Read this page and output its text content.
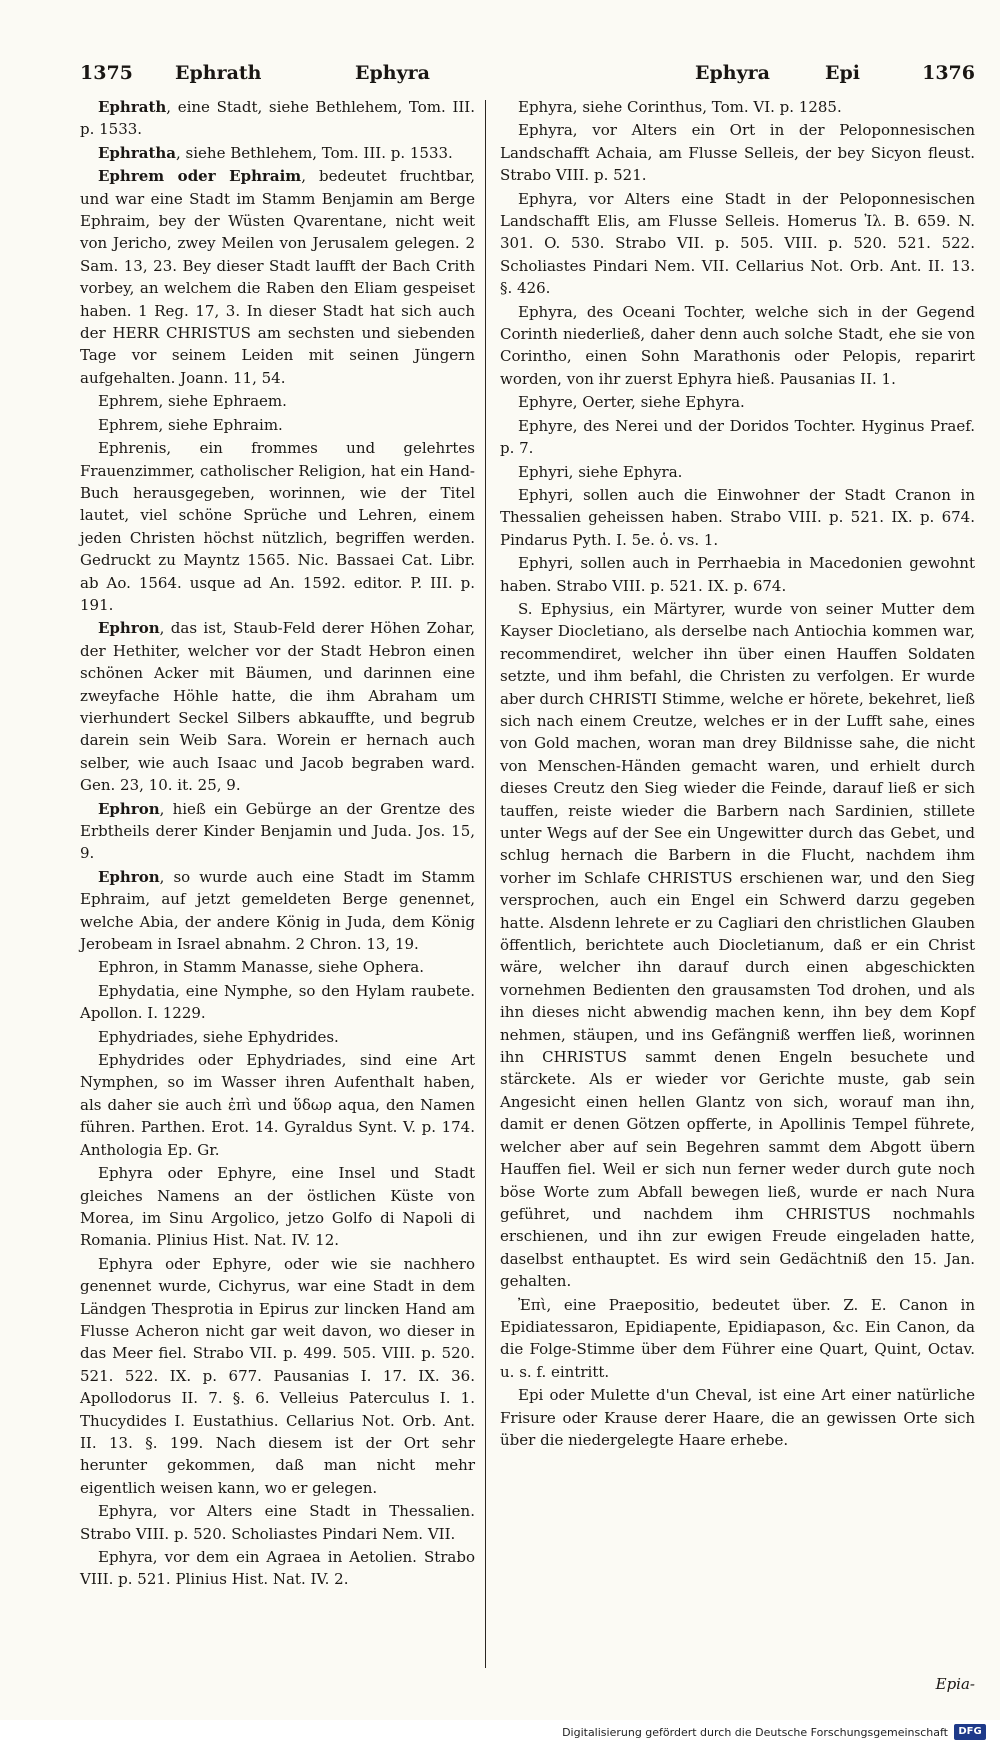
1375 Ephrath	Ephyra	Ephyra	Epi	1376

Ephrath, eine Stadt, siehe Bethlehem, Tom. III. p. 1533.

Ephratha, siehe Bethlehem, Tom. III. p. 1533.

Ephrem oder Ephraim, bedeutet fruchtbar, und war eine Stadt im Stamm Benjamin am Berge Ephraim, bey der Wüsten Qvarentane, nicht weit von Jericho, zwey Meilen von Jerusalem gelegen. 2 Sam. 13, 23. Bey dieser Stadt laufft der Bach Crith vorbey, an welchem die Raben den Eliam gespeiset haben. 1 Reg. 17, 3. In dieser Stadt hat sich auch der HERR CHRISTUS am sechsten und siebenden Tage vor seinem Leiden mit seinen Jüngern aufgehalten. Joann. 11, 54.

Ephrem, siehe Ephraem.

Ephrem, siehe Ephraim.

Ephrenis, ein frommes und gelehrtes Frauenzimmer, catholischer Religion, hat ein Hand-Buch herausgegeben, worinnen, wie der Titel lautet, viel schöne Sprüche und Lehren, einem jeden Christen höchst nützlich, begriffen werden. Gedruckt zu Mayntz 1565. Nic. Bassaei Cat. Libr. ab Ao. 1564. usque ad An. 1592. editor. P. III. p. 191.

Ephron, das ist, Staub-Feld derer Höhen Zohar, der Hethiter, welcher vor der Stadt Hebron einen schönen Acker mit Bäumen, und darinnen eine zweyfache Höhle hatte, die ihm Abraham um vierhundert Seckel Silbers abkauffte, und begrub darein sein Weib Sara. Worein er hernach auch selber, wie auch Isaac und Jacob begraben ward. Gen. 23, 10. it. 25, 9.

Ephron, hieß ein Gebürge an der Grentze des Erbtheils derer Kinder Benjamin und Juda. Jos. 15, 9.

Ephron, so wurde auch eine Stadt im Stamm Ephraim, auf jetzt gemeldeten Berge genennet, welche Abia, der andere König in Juda, dem König Jerobeam in Israel abnahm. 2 Chron. 13, 19.

Ephron, in Stamm Manasse, siehe Ophera.

Ephydatia, eine Nymphe, so den Hylam raubete. Apollon. I. 1229.

Ephydriades, siehe Ephydrides.

Ephydrides oder Ephydriades, sind eine Art Nymphen, so im Wasser ihren Aufenthalt haben, als daher sie auch ἐπὶ und ὕδωρ aqua, den Namen führen. Parthen. Erot. 14. Gyraldus Synt. V. p. 174. Anthologia Ep. Gr.

Ephyra oder Ephyre, eine Insel und Stadt gleiches Namens an der östlichen Küste von Morea, im Sinu Argolico, jetzo Golfo di Napoli di Romania. Plinius Hist. Nat. IV. 12.

Ephyra oder Ephyre, oder wie sie nachhero genennet wurde, Cichyrus, war eine Stadt in dem Ländgen Thesprotia in Epirus zur lincken Hand am Flusse Acheron nicht gar weit davon, wo dieser in das Meer fiel. Strabo VII. p. 499. 505. VIII. p. 520. 521. 522. IX. p. 677. Pausanias I. 17. IX. 36. Apollodorus II. 7. §. 6. Velleius Paterculus I. 1. Thucydides I. Eustathius. Cellarius Not. Orb. Ant. II. 13. §. 199. Nach diesem ist der Ort sehr herunter gekommen, daß man nicht mehr eigentlich weisen kann, wo er gelegen.

Ephyra, vor Alters eine Stadt in Thessalien. Strabo VIII. p. 520. Scholiastes Pindari Nem. VII.

Ephyra, vor dem ein Agraea in Aetolien. Strabo VIII. p. 521. Plinius Hist. Nat. IV. 2.

Ephyra, siehe Corinthus, Tom. VI. p. 1285.

Ephyra, vor Alters ein Ort in der Peloponnesischen Landschafft Achaia, am Flusse Selleis, der bey Sicyon fleust. Strabo VIII. p. 521.

Ephyra, vor Alters eine Stadt in der Peloponnesischen Landschafft Elis, am Flusse Selleis. Homerus Ἰλ. B. 659. N. 301. O. 530. Strabo VII. p. 505. VIII. p. 520. 521. 522. Scholiastes Pindari Nem. VII. Cellarius Not. Orb. Ant. II. 13. §. 426.

Ephyra, des Oceani Tochter, welche sich in der Gegend Corinth niederließ, daher denn auch solche Stadt, ehe sie von Corintho, einen Sohn Marathonis oder Pelopis, reparirt worden, von ihr zuerst Ephyra hieß. Pausanias II. 1.

Ephyre, Oerter, siehe Ephyra.

Ephyre, des Nerei und der Doridos Tochter. Hyginus Praef. p. 7.

Ephyri, siehe Ephyra.

Ephyri, sollen auch die Einwohner der Stadt Cranon in Thessalien geheissen haben. Strabo VIII. p. 521. IX. p. 674. Pindarus Pyth. I. 5e. ὁ. vs. 1.

Ephyri, sollen auch in Perrhaebia in Macedonien gewohnt haben. Strabo VIII. p. 521. IX. p. 674.

S. Ephysius, ein Märtyrer, wurde von seiner Mutter dem Kayser Diocletiano, als derselbe nach Antiochia kommen war, recommendiret, welcher ihn über einen Hauffen Soldaten setzte, und ihm befahl, die Christen zu verfolgen. Er wurde aber durch CHRISTI Stimme, welche er hörete, bekehret, ließ sich nach einem Creutze, welches er in der Lufft sahe, eines von Gold machen, woran man drey Bildnisse sahe, die nicht von Menschen-Händen gemacht waren, und erhielt durch dieses Creutz den Sieg wieder die Feinde, darauf ließ er sich tauffen, reiste wieder die Barbern nach Sardinien, stillete unter Wegs auf der See ein Ungewitter durch das Gebet, und schlug hernach die Barbern in die Flucht, nachdem ihm vorher im Schlafe CHRISTUS erschienen war, und den Sieg versprochen, auch ein Engel ein Schwerd darzu gegeben hatte. Alsdenn lehrete er zu Cagliari den christlichen Glauben öffentlich, berichtete auch Diocletianum, daß er ein Christ wäre, welcher ihn darauf durch einen abgeschickten vornehmen Bedienten den grausamsten Tod drohen, und als ihn dieses nicht abwendig machen kenn, ihn bey dem Kopf nehmen, stäupen, und ins Gefängniß werffen ließ, worinnen ihn CHRISTUS sammt denen Engeln besuchete und stärckete. Als er wieder vor Gerichte muste, gab sein Angesicht einen hellen Glantz von sich, worauf man ihn, damit er denen Götzen opfferte, in Apollinis Tempel führete, welcher aber auf sein Begehren sammt dem Abgott übern Hauffen fiel. Weil er sich nun ferner weder durch gute noch böse Worte zum Abfall bewegen ließ, wurde er nach Nura geführet, und nachdem ihm CHRISTUS nochmahls erschienen, und ihn zur ewigen Freude eingeladen hatte, daselbst enthauptet. Es wird sein Gedächtniß den 15. Jan. gehalten.

Ἐπὶ, eine Praepositio, bedeutet über. Z. E. Canon in Epidiatessaron, Epidiapente, Epidiapason, &c. Ein Canon, da die Folge-Stimme über dem Führer eine Quart, Quint, Octav. u. s. f. eintritt.

Epi oder Mulette d'un Cheval, ist eine Art einer natürliche Frisure oder Krause derer Haare, die an gewissen Orte sich über die niedergelegte Haare erhebe.

Epia-
Digitalisierung gefördert durch die Deutsche Forschungsgemeinschaft	DFG
